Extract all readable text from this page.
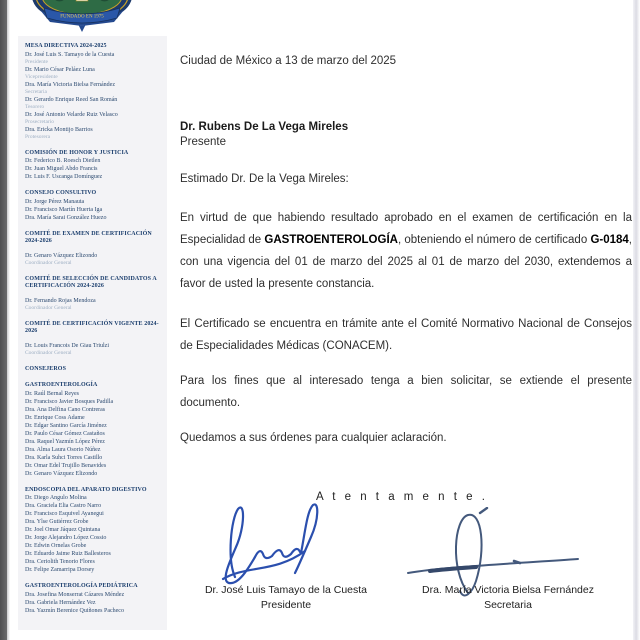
FUNDADO EN 1975
MESA DIRECTIVA 2024-2025
Dr. José Luis S. Tamayo de la Cuesta
Presidente
Dr. Mario César Peláez Luna
Vicepresidente
Dra. María Victoria Bielsa Fernández
Secretaria
Dr. Gerardo Enrique Reed San Román
Tesorero
Dr. José Antonio Velarde Ruiz Velasco
Prosecretario
Dra. Ericka Montijo Barrios
Protesorera
COMISIÓN DE HONOR Y JUSTICIA
Dr. Federico B. Roesch Dietlen
Dr. Juan Miguel Abdo Francis
Dr. Luis F. Uscanga Domínguez
CONSEJO CONSULTIVO
Dr. Jorge Pérez Manauta
Dr. Francisco Martín Huerta Iga
Dra. María Sarai González Huezo
COMITÉ DE EXAMEN DE CERTIFICACIÓN 2024-2026
Dr. Genaro Vázquez Elizondo
Coordinador General
COMITÉ DE SELECCIÓN DE CANDIDATOS A CERTIFICACIÓN 2024-2026
Dr. Fernando Rojas Mendoza
Coordinador General
COMITÉ DE CERTIFICACIÓN VIGENTE 2024-2026
Dr. Louis Francois De Giau Triulzi
Coordinador General
CONSEJEROS
GASTROENTEROLOGÍA
Dr. Raúl Bernal Reyes
Dr. Francisco Javier Bosques Padilla
Dra. Ana Delfina Cano Contreras
Dr. Enrique Coss Adame
Dr. Edgar Santino García Jiménez
Dr. Paulo César Gómez Castaños
Dra. Raquel Yazmín López Pérez
Dra. Alma Laura Osorio Núñez
Dra. Karla Suhci Torres Castillo
Dr. Omar Edel Trujillo Benavides
Dr. Genaro Vázquez Elizondo
ENDOSCOPIA DEL APARATO DIGESTIVO
Dr. Diego Angulo Molina
Dra. Graciela Elia Castro Narro
Dr. Francisco Esquivel Ayanegui
Dra. Ylse Gutiérrez Grobe
Dr. Joel Omar Jáquez Quintana
Dr. Jorge Alejandro López Cossio
Dr. Edwin Ornelas Grobe
Dr. Eduardo Jaime Ruiz Ballesteros
Dra. Ceriolith Tenorio Flores
Dr. Felipe Zamarripa Dorsey
GASTROENTEROLOGÍA PEDIÁTRICA
Dra. Josefina Monserrat Cázares Méndez
Dra. Gabriela Hernández Vez
Dra. Yazmín Berenice Quiñones Pacheco
Ciudad de México a 13 de marzo del 2025
Dr. Rubens De La Vega Mireles
Presente
Estimado Dr. De la Vega Mireles:
En virtud de que habiendo resultado aprobado en el examen de certificación en la Especialidad de GASTROENTEROLOGÍA, obteniendo el número de certificado G-0184, con una vigencia del 01 de marzo del 2025 al 01 de marzo del 2030, extendemos a favor de usted la presente constancia.
El Certificado se encuentra en trámite ante el Comité Normativo Nacional de Consejos de Especialidades Médicas (CONACEM).
Para los fines que al interesado tenga a bien solicitar, se extiende el presente documento.
Quedamos a sus órdenes para cualquier aclaración.
A t e n t a m e n t e .
Dr. José Luis Tamayo de la Cuesta
Presidente
Dra. María Victoria Bielsa Fernández
Secretaria
